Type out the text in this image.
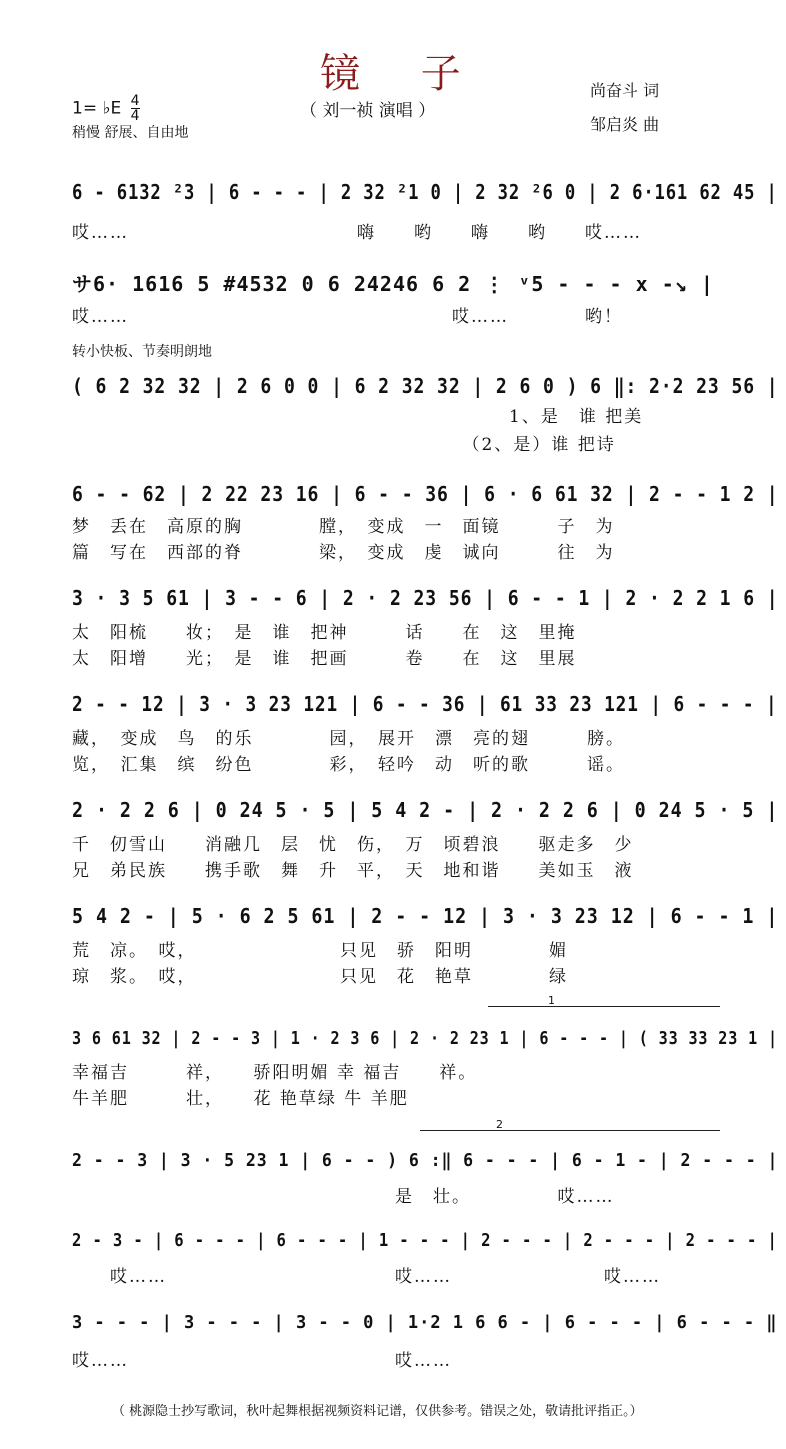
镜 子
（ 刘一祯 演唱 ）
尚奋斗 词
邹启炎 曲
1= ♭E $\frac{4}{4}$
稍慢 舒展、自由地
转小快板、节奏明朗地
1
2
6 - 6132 ²3 | 6 - - - | 2 32 ²1 0 | 2 32 ²6 0 | 2 6·161 62 45 |
サ6· 1616 5 #4532 0 6 24246 6 2 ⋮ ᵛ5 - - - x -↘ |
( 6 2 32 32 | 2 6 0 0 | 6 2 32 32 | 2 6 0 ) 6 ‖: 2·2 23 56 |
6 - - 62 | 2 22 23 16 | 6 - - 36 | 6 · 6 61 32 | 2 - - 1 2 |
3 · 3 5 61 | 3 - - 6 | 2 · 2 23 56 | 6 - - 1 | 2 · 2 2 1 6 |
2 - - 12 | 3 · 3 23 121 | 6 - - 36 | 61 33 23 121 | 6 - - - |
2 · 2 2 6 | 0 24 5 · 5 | 5 4 2 - | 2 · 2 2 6 | 0 24 5 · 5 |
5 4 2 - | 5 · 6 2 5 61 | 2 - - 12 | 3 · 3 23 12 | 6 - - 1 |
3 6 61 32 | 2 - - 3 | 1 · 2 3 6 | 2 · 2 23 1 | 6 - - - | ( 33 33 23 1 |
2 - - 3 | 3 · 5 23 1 | 6 - - ) 6 :‖ 6 - - - | 6 - 1 - | 2 - - - |
2 - 3 - | 6 - - - | 6 - - - | 1 - - - | 2 - - - | 2 - - - | 2 - - - |
3 - - - | 3 - - - | 3 - - 0 | 1·2 1 6 6 - | 6 - - - | 6 - - - ‖
哎……　　　　　　　　　　　　嗨　　哟　　嗨　　哟　　哎……
哎……　　　　　　　　　　　　　　　　　哎……　　　　哟！
　　　　　　　　　　　　　　　　　　　　　　　1、是　谁 把美
　　　　　　　　　　　　　　　　　　　　　（2、是）谁 把诗
梦　丢在　高原的胸　　　　膛，　变成　一　面镜　　　子　为
篇　写在　西部的脊　　　　梁，　变成　虔　诚向　　　往　为
太　阳梳　　妆；　是　谁　把神　　　话　　在　这　里掩
太　阳增　　光；　是　谁　把画　　　卷　　在　这　里展
藏，　变成　鸟　的乐　　　　园，　展开　漂　亮的翅　　　膀。
览，　汇集　缤　纷色　　　　彩，　轻吟　动　听的歌　　　谣。
千　仞雪山　　消融几　层　忧　伤，　万　顷碧浪　　驱走多　少
兄　弟民族　　携手歌　舞　升　平，　天　地和谐　　美如玉　液
荒　凉。　哎，　　　　　　　　只见　骄　阳明　　　　媚
琼　浆。　哎，　　　　　　　　只见　花　艳草　　　　绿
幸福吉　　　祥，　　骄阳明媚 幸 福吉　　祥。
牛羊肥　　　壮，　　花 艳草绿 牛 羊肥
　　　　　　　　　　　　　　　　　是　壮。　　　　　哎……
　　哎……　　　　　　　　　　　　哎……　　　　　　　　哎……
哎……　　　　　　　　　　　　　　哎……
（ 桃源隐士抄写歌词，秋叶起舞根据视频资料记谱，仅供参考。错误之处，敬请批评指正。）
